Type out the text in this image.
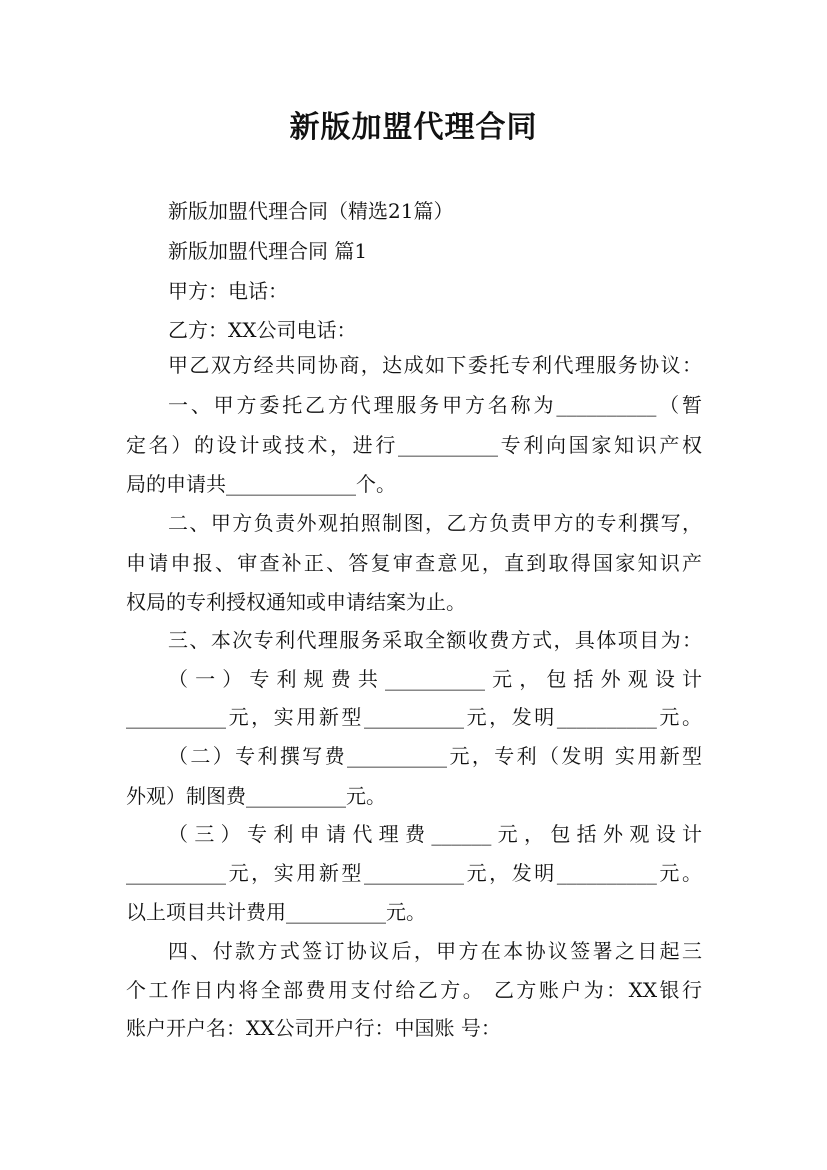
新版加盟代理合同
新版加盟代理合同（精选21篇）
新版加盟代理合同 篇1
甲方：电话：
乙方：XX公司电话：
甲乙双方经共同协商，达成如下委托专利代理服务协议：
一、甲方委托乙方代理服务甲方名称为__________（暂
定名）的设计或技术，进行__________专利向国家知识产权
局的申请共_____________个。
二、甲方负责外观拍照制图，乙方负责甲方的专利撰写，
申请申报、审查补正、答复审查意见，直到取得国家知识产
权局的专利授权通知或申请结案为止。
三、本次专利代理服务采取全额收费方式，具体项目为：
（一）专利规费共__________元，包括外观设计
__________元，实用新型__________元，发明__________元。
（二）专利撰写费__________元，专利（发明 实用新型
外观）制图费__________元。
（三）专利申请代理费______元，包括外观设计
__________元，实用新型__________元，发明__________元。
以上项目共计费用__________元。
四、付款方式签订协议后，甲方在本协议签署之日起三
个工作日内将全部费用支付给乙方。 乙方账户为：XX银行
账户开户名：XX公司开户行：中国账 号：
